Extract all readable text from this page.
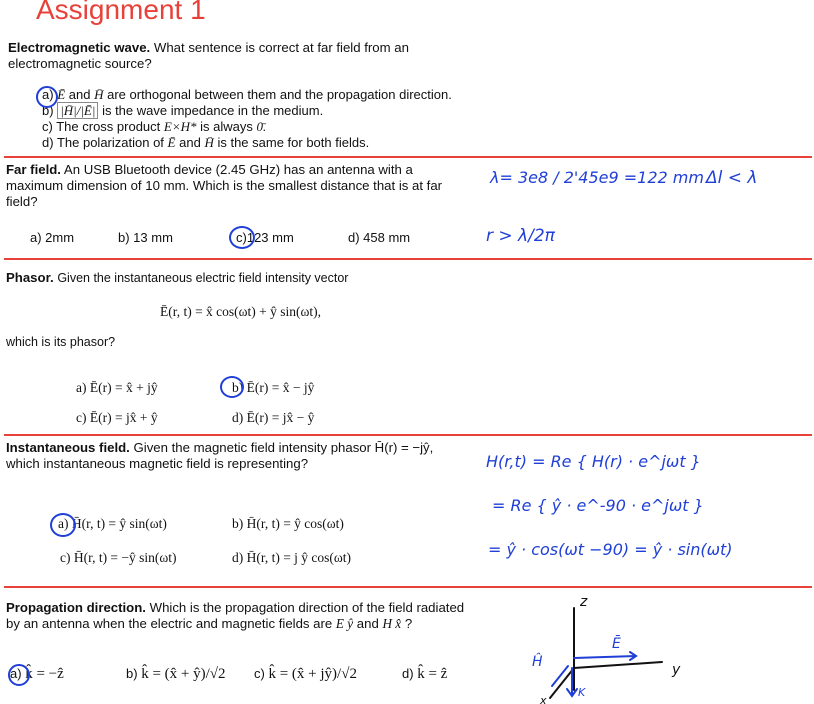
Assignment 1
Electromagnetic wave. What sentence is correct at far field from an
electromagnetic source?
a) Ē and H̄ are orthogonal between them and the propagation direction.
b) |H̄|/|Ē| is the wave impedance in the medium.
c) The cross product E×H* is always 0̄.
d) The polarization of Ē and H̄ is the same for both fields.
Far field. An USB Bluetooth device (2.45 GHz) has an antenna with a
maximum dimension of 10 mm. Which is the smallest distance that is at far
field?
a) 2mm	b) 13 mm	c)123 mm	d) 458 mm
λ= 3e8 / 2'45e9 =122 mm Δl < λ
r > λ/2π
Phasor. Given the instantaneous electric field intensity vector
Ē(r, t) = x̂ cos(ωt) + ŷ sin(ωt),
which is its phasor?
a) Ē(r) = x̂ + jŷ	b) Ē(r) = x̂ − jŷ
c) Ē(r) = jx̂ + ŷ	d) Ē(r) = jx̂ − ŷ
Instantaneous field. Given the magnetic field intensity phasor H̄(r) = −jŷ,
which instantaneous magnetic field is representing?
a) H̄(r, t) = ŷ sin(ωt)	b) H̄(r, t) = ŷ cos(ωt)
c) H̄(r, t) = −ŷ sin(ωt)	d) H̄(r, t) = j ŷ cos(ωt)
H(r,t) = Re { H(r) · e^jωt }
= Re { ŷ · e^-90 · e^jωt }
= ŷ · cos(ωt −90) = ŷ · sin(ωt)
Propagation direction. Which is the propagation direction of the field radiated
by an antenna when the electric and magnetic fields are E ŷ and H x̂ ?
a) k̂ = −ẑ	b) k̂ = (x̂ + ŷ)/√2 c) k̂ = (x̂ + jŷ)/√2	d) k̂ = ẑ
z
y
x
Ē
Ĥ
K
